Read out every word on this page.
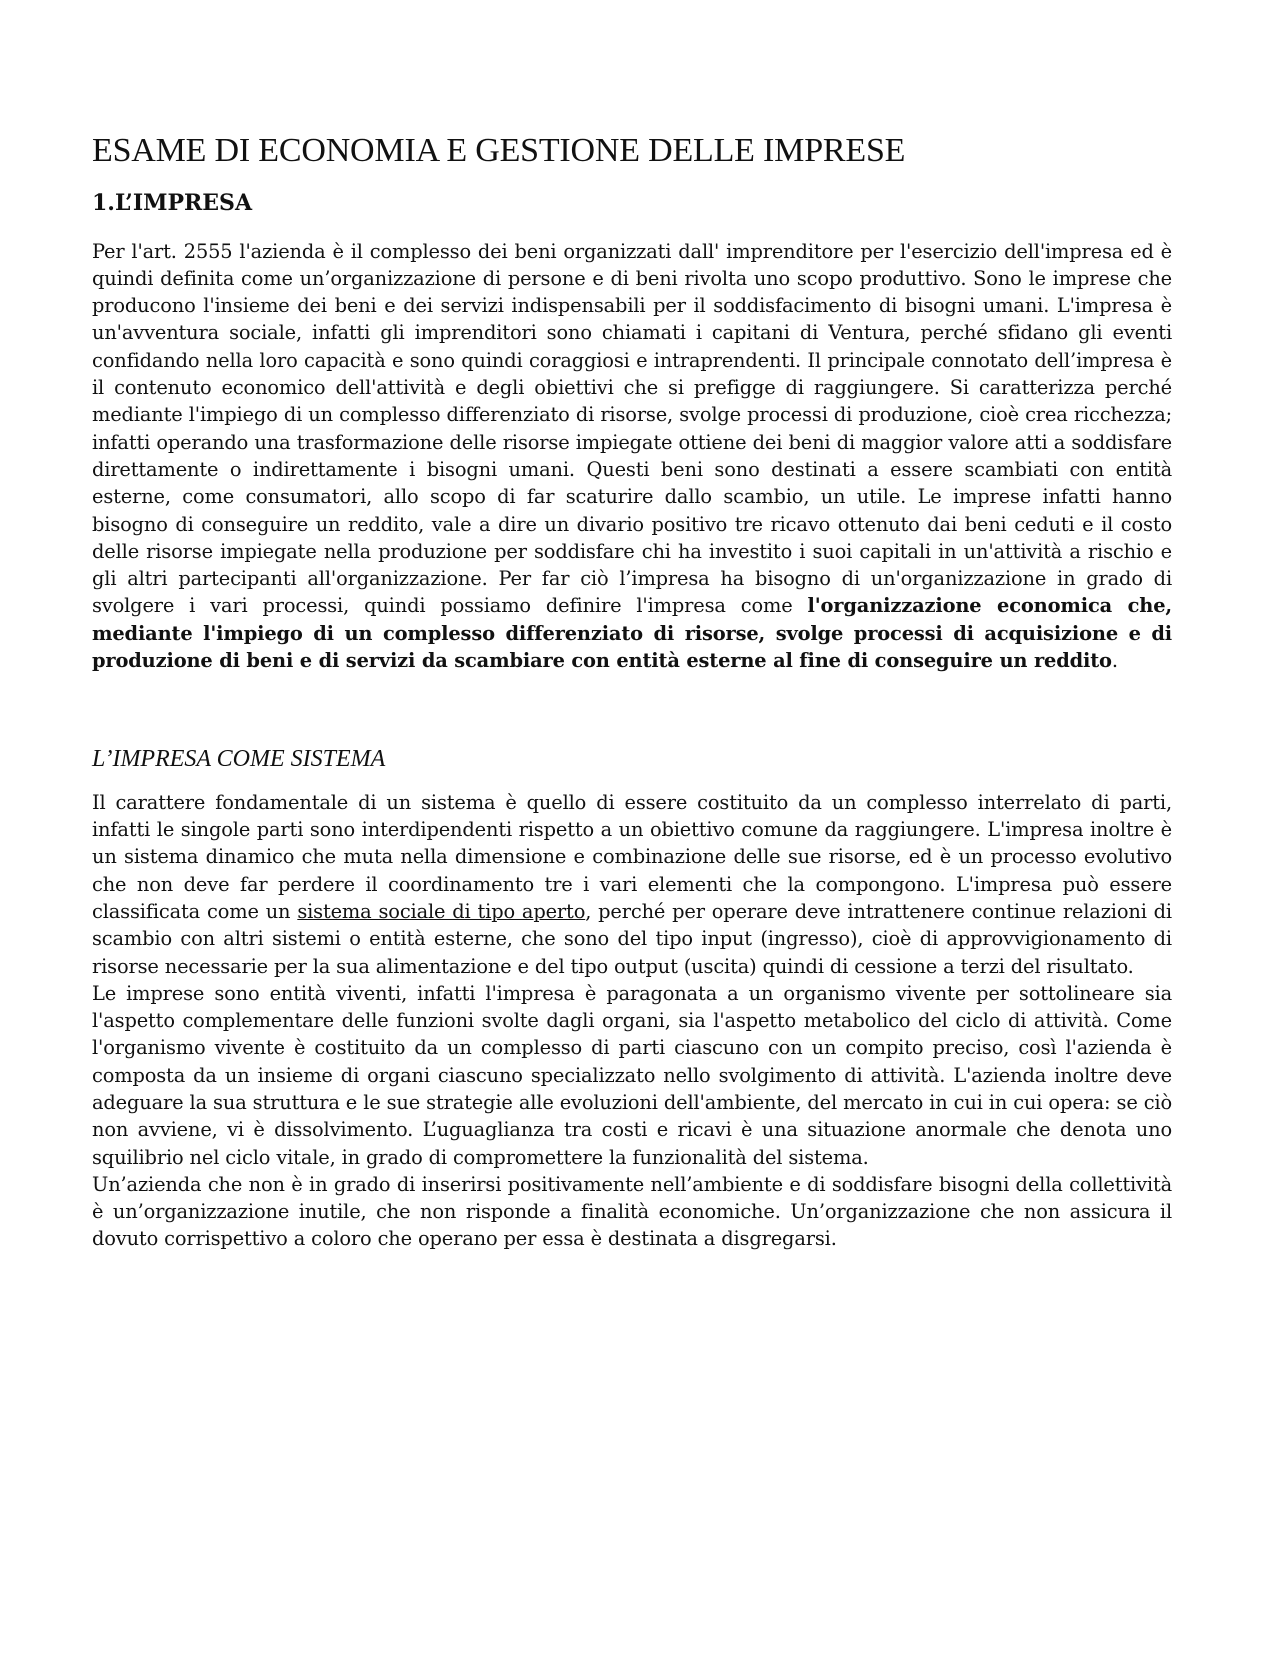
ESAME DI ECONOMIA E GESTIONE DELLE IMPRESE
1.L’IMPRESA

Per l'art. 2555 l'azienda è il complesso dei beni organizzati dall' imprenditore per l'esercizio dell'impresa ed è quindi definita come un’organizzazione di persone e di beni rivolta uno scopo produttivo. Sono le imprese che producono l'insieme dei beni e dei servizi indispensabili per il soddisfacimento di bisogni umani. L'impresa è un'avventura sociale, infatti gli imprenditori sono chiamati i capitani di Ventura, perché sfidano gli eventi confidando nella loro capacità e sono quindi coraggiosi e intraprendenti. Il principale connotato dell’impresa è il contenuto economico dell'attività e degli obiettivi che si prefigge di raggiungere. Si caratterizza perché mediante l'impiego di un complesso differenziato di risorse, svolge processi di produzione, cioè crea ricchezza; infatti operando una trasformazione delle risorse impiegate ottiene dei beni di maggior valore atti a soddisfare direttamente o indirettamente i bisogni umani. Questi beni sono destinati a essere scambiati con entità esterne, come consumatori, allo scopo di far scaturire dallo scambio, un utile. Le imprese infatti hanno bisogno di conseguire un reddito, vale a dire un divario positivo tre ricavo ottenuto dai beni ceduti e il costo delle risorse impiegate nella produzione per soddisfare chi ha investito i suoi capitali in un'attività a rischio e gli altri partecipanti all'organizzazione. Per far ciò l’impresa ha bisogno di un'organizzazione in grado di svolgere i vari processi, quindi possiamo definire l'impresa come l'organizzazione economica che, mediante l'impiego di un complesso differenziato di risorse, svolge processi di acquisizione e di produzione di beni e di servizi da scambiare con entità esterne al fine di conseguire un reddito.

L’IMPRESA COME SISTEMA

Il carattere fondamentale di un sistema è quello di essere costituito da un complesso interrelato di parti, infatti le singole parti sono interdipendenti rispetto a un obiettivo comune da raggiungere. L'impresa inoltre è un sistema dinamico che muta nella dimensione e combinazione delle sue risorse, ed è un processo evolutivo che non deve far perdere il coordinamento tre i vari elementi che la compongono. L'impresa può essere classificata come un sistema sociale di tipo aperto, perché per operare deve intrattenere continue relazioni di scambio con altri sistemi o entità esterne, che sono del tipo input (ingresso), cioè di approvvigionamento di risorse necessarie per la sua alimentazione e del tipo output (uscita) quindi di cessione a terzi del risultato.

Le imprese sono entità viventi, infatti l'impresa è paragonata a un organismo vivente per sottolineare sia l'aspetto complementare delle funzioni svolte dagli organi, sia l'aspetto metabolico del ciclo di attività. Come l'organismo vivente è costituito da un complesso di parti ciascuno con un compito preciso, così l'azienda è composta da un insieme di organi ciascuno specializzato nello svolgimento di attività. L'azienda inoltre deve adeguare la sua struttura e le sue strategie alle evoluzioni dell'ambiente, del mercato in cui in cui opera: se ciò non avviene, vi è dissolvimento. L’uguaglianza tra costi e ricavi è una situazione anormale che denota uno squilibrio nel ciclo vitale, in grado di compromettere la funzionalità del sistema.

Un’azienda che non è in grado di inserirsi positivamente nell’ambiente e di soddisfare bisogni della collettività è un’organizzazione inutile, che non risponde a finalità economiche. Un’organizzazione che non assicura il dovuto corrispettivo a coloro che operano per essa è destinata a disgregarsi.
